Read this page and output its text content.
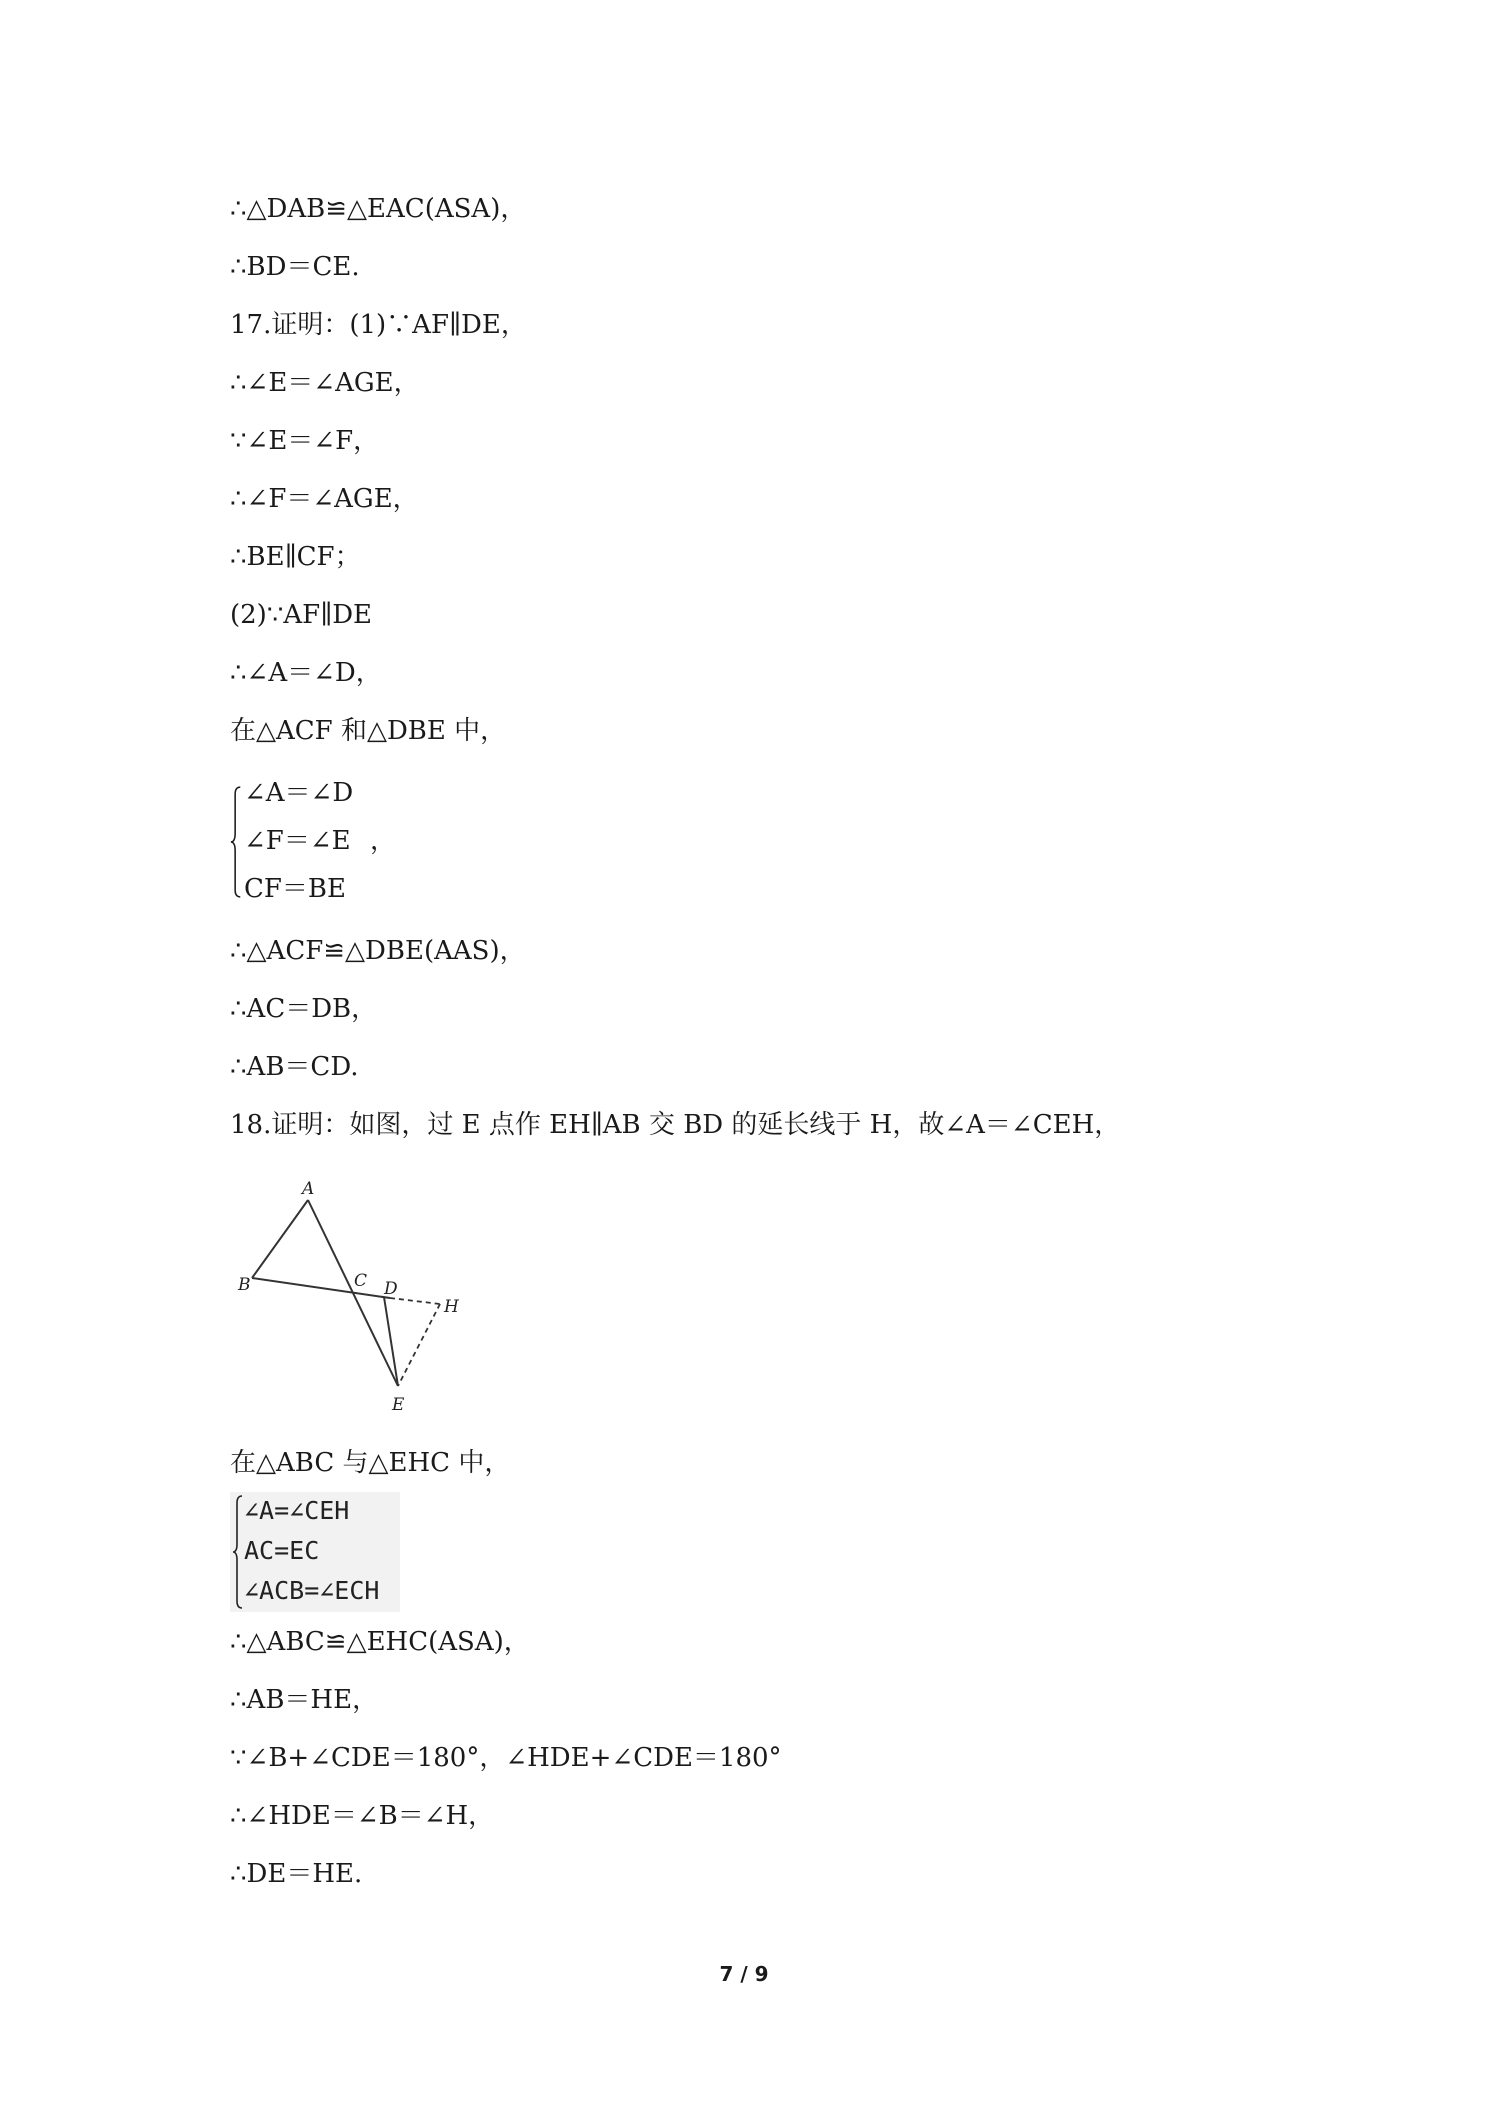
∴△DAB≌△EAC(ASA)，
∴BD＝CE.
17.证明：(1)∵AF∥DE，
∴∠E＝∠AGE，
∵∠E＝∠F，
∴∠F＝∠AGE，
∴BE∥CF；
(2)∵AF∥DE
∴∠A＝∠D，
在△ACF 和△DBE 中，
∠A＝∠D
∠F＝∠E ，
CF＝BE
∴△ACF≌△DBE(AAS)，
∴AC＝DB，
∴AB＝CD.
18.证明：如图，过 E 点作 EH∥AB 交 BD 的延长线于 H，故∠A＝∠CEH，
A
B	C D
H
E
在△ABC 与△EHC 中，
∠A=∠CEH
AC=EC
∠ACB=∠ECH
∴△ABC≌△EHC(ASA)，
∴AB＝HE，
∵∠B+∠CDE＝180°，∠HDE+∠CDE＝180°
∴∠HDE＝∠B＝∠H，
∴DE＝HE.
7 / 9
